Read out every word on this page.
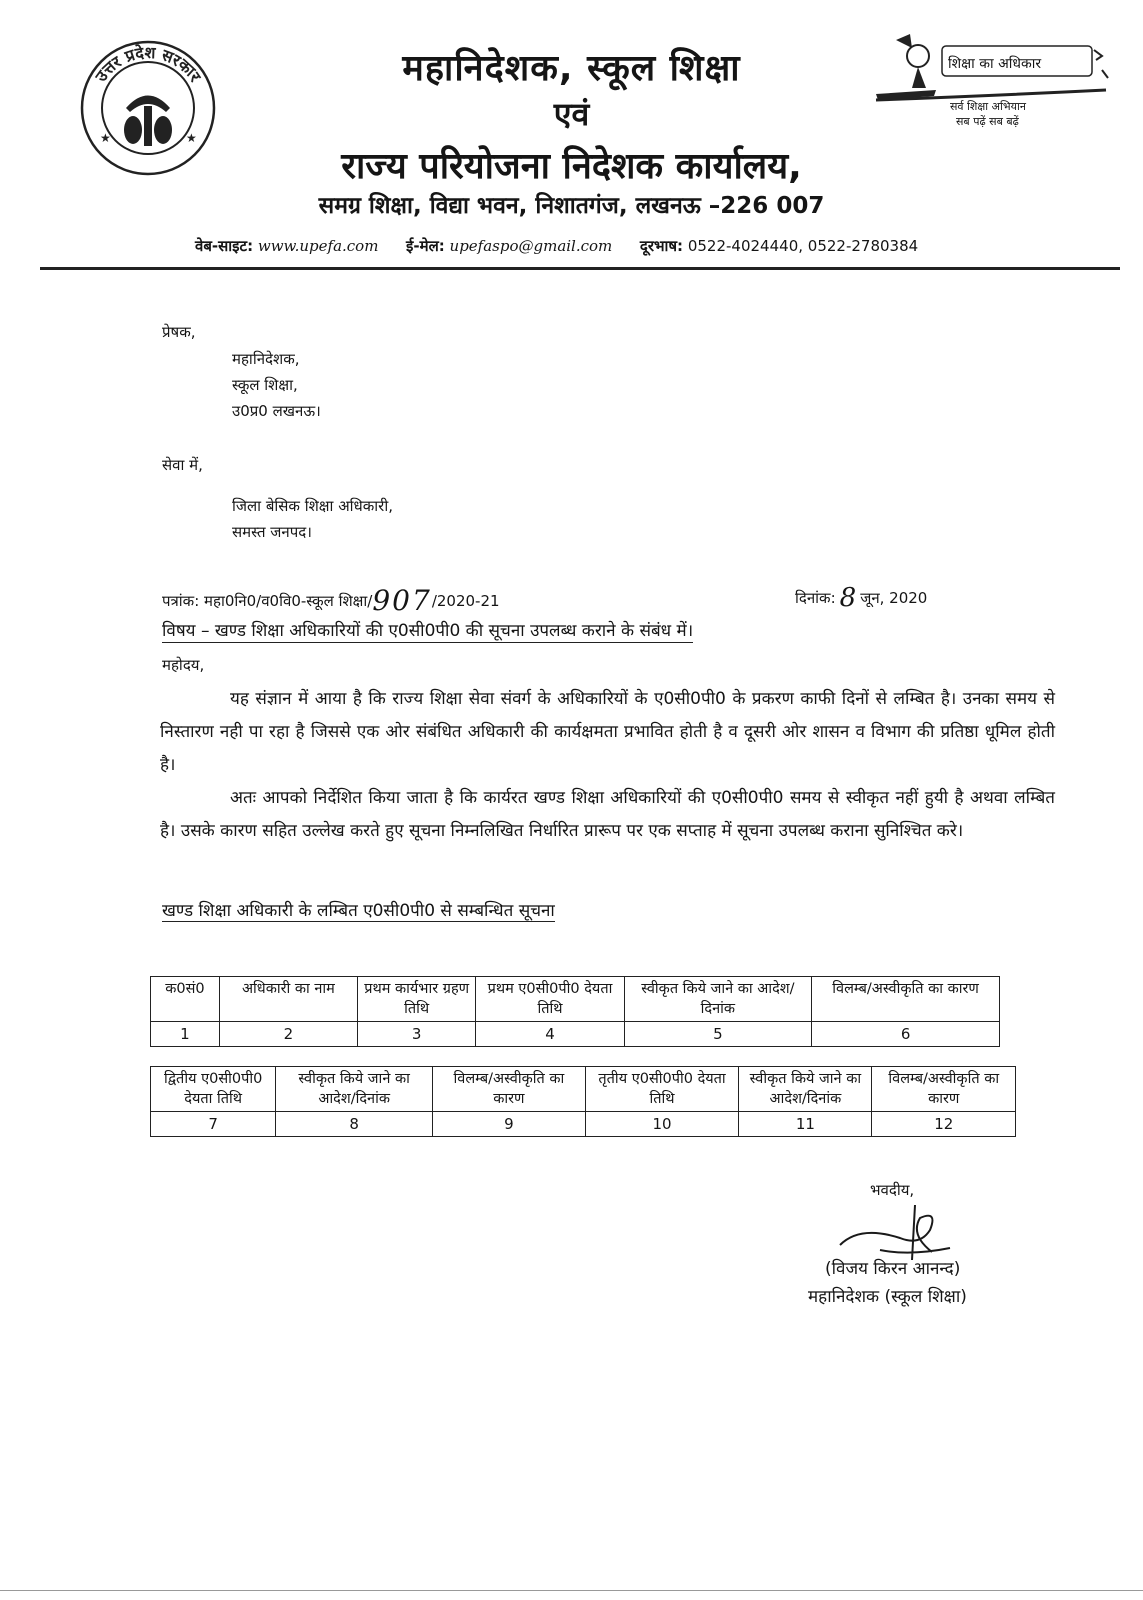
उत्तर प्रदेश सरकार
★	★
महानिदेशक, स्कूल शिक्षा
एवं
राज्य परियोजना निदेशक कार्यालय,
समग्र शिक्षा, विद्या भवन, निशातगंज, लखनऊ –226 007
शिक्षा का अधिकार
सर्व शिक्षा अभियान
सब पढ़ें सब बढ़ें
वेब-साइट: www.upefa.com ई-मेल: upefaspo@gmail.com दूरभाष: 0522-4024440, 0522-2780384
प्रेषक,
महानिदेशक,
स्कूल शिक्षा,
उ0प्र0 लखनऊ।
सेवा में,
जिला बेसिक शिक्षा अधिकारी,
समस्त जनपद।
पत्रांक: महा0नि0/व0वि0-स्कूल शिक्षा/907/2020-21	दिनांक: 8 जून, 2020
विषय – खण्ड शिक्षा अधिकारियों की ए0सी0पी0 की सूचना उपलब्ध कराने के संबंध में।
महोदय,
यह संज्ञान में आया है कि राज्य शिक्षा सेवा संवर्ग के अधिकारियों के ए0सी0पी0 के प्रकरण काफी दिनों से लम्बित है। उनका समय से निस्तारण नही पा रहा है जिससे एक ओर संबंधित अधिकारी की कार्यक्षमता प्रभावित होती है व दूसरी ओर शासन व विभाग की प्रतिष्ठा धूमिल होती है।
अतः आपको निर्देशित किया जाता है कि कार्यरत खण्ड शिक्षा अधिकारियों की ए0सी0पी0 समय से स्वीकृत नहीं हुयी है अथवा लम्बित है। उसके कारण सहित उल्लेख करते हुए सूचना निम्नलिखित निर्धारित प्रारूप पर एक सप्ताह में सूचना उपलब्ध कराना सुनिश्चित करे।
खण्ड शिक्षा अधिकारी के लम्बित ए0सी0पी0 से सम्बन्धित सूचना
क0सं0	अधिकारी का नाम	प्रथम कार्यभार ग्रहण तिथि	प्रथम ए0सी0पी0 देयता तिथि	स्वीकृत किये जाने का आदेश/दिनांक	विलम्ब/अस्वीकृति का कारण
1	2	3	4	5	6
द्वितीय ए0सी0पी0 देयता तिथि	स्वीकृत किये जाने का आदेश/दिनांक	विलम्ब/अस्वीकृति का कारण	तृतीय ए0सी0पी0 देयता तिथि	स्वीकृत किये जाने का आदेश/दिनांक	विलम्ब/अस्वीकृति का कारण
7	8	9	10	11	12
भवदीय,
(विजय किरन आनन्द)
महानिदेशक (स्कूल शिक्षा)
